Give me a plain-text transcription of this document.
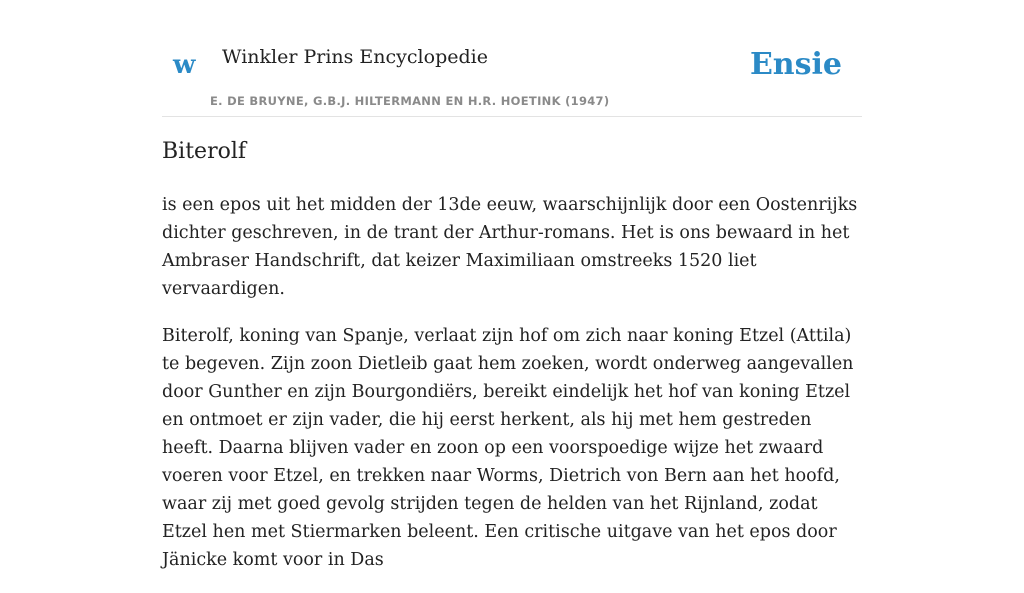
w Winkler Prins Encyclopedie
E. DE BRUYNE, G.B.J. HILTERMANN EN H.R. HOETINK (1947)
Ensie
Biterolf

is een epos uit het midden der 13de eeuw, waarschijnlijk door een Oostenrijks dichter geschreven, in de trant der Arthur-romans. Het is ons bewaard in het Ambraser Handschrift, dat keizer Maximiliaan omstreeks 1520 liet vervaardigen.

Biterolf, koning van Spanje, verlaat zijn hof om zich naar koning Etzel (Attila) te begeven. Zijn zoon Dietleib gaat hem zoeken, wordt onderweg aangevallen door Gunther en zijn Bourgondiërs, bereikt eindelijk het hof van koning Etzel en ontmoet er zijn vader, die hij eerst herkent, als hij met hem gestreden heeft. Daarna blijven vader en zoon op een voorspoedige wijze het zwaard voeren voor Etzel, en trekken naar Worms, Dietrich von Bern aan het hoofd, waar zij met goed gevolg strijden tegen de helden van het Rijnland, zodat Etzel hen met Stiermarken beleent. Een critische uitgave van het epos door Jänicke komt voor in Das
